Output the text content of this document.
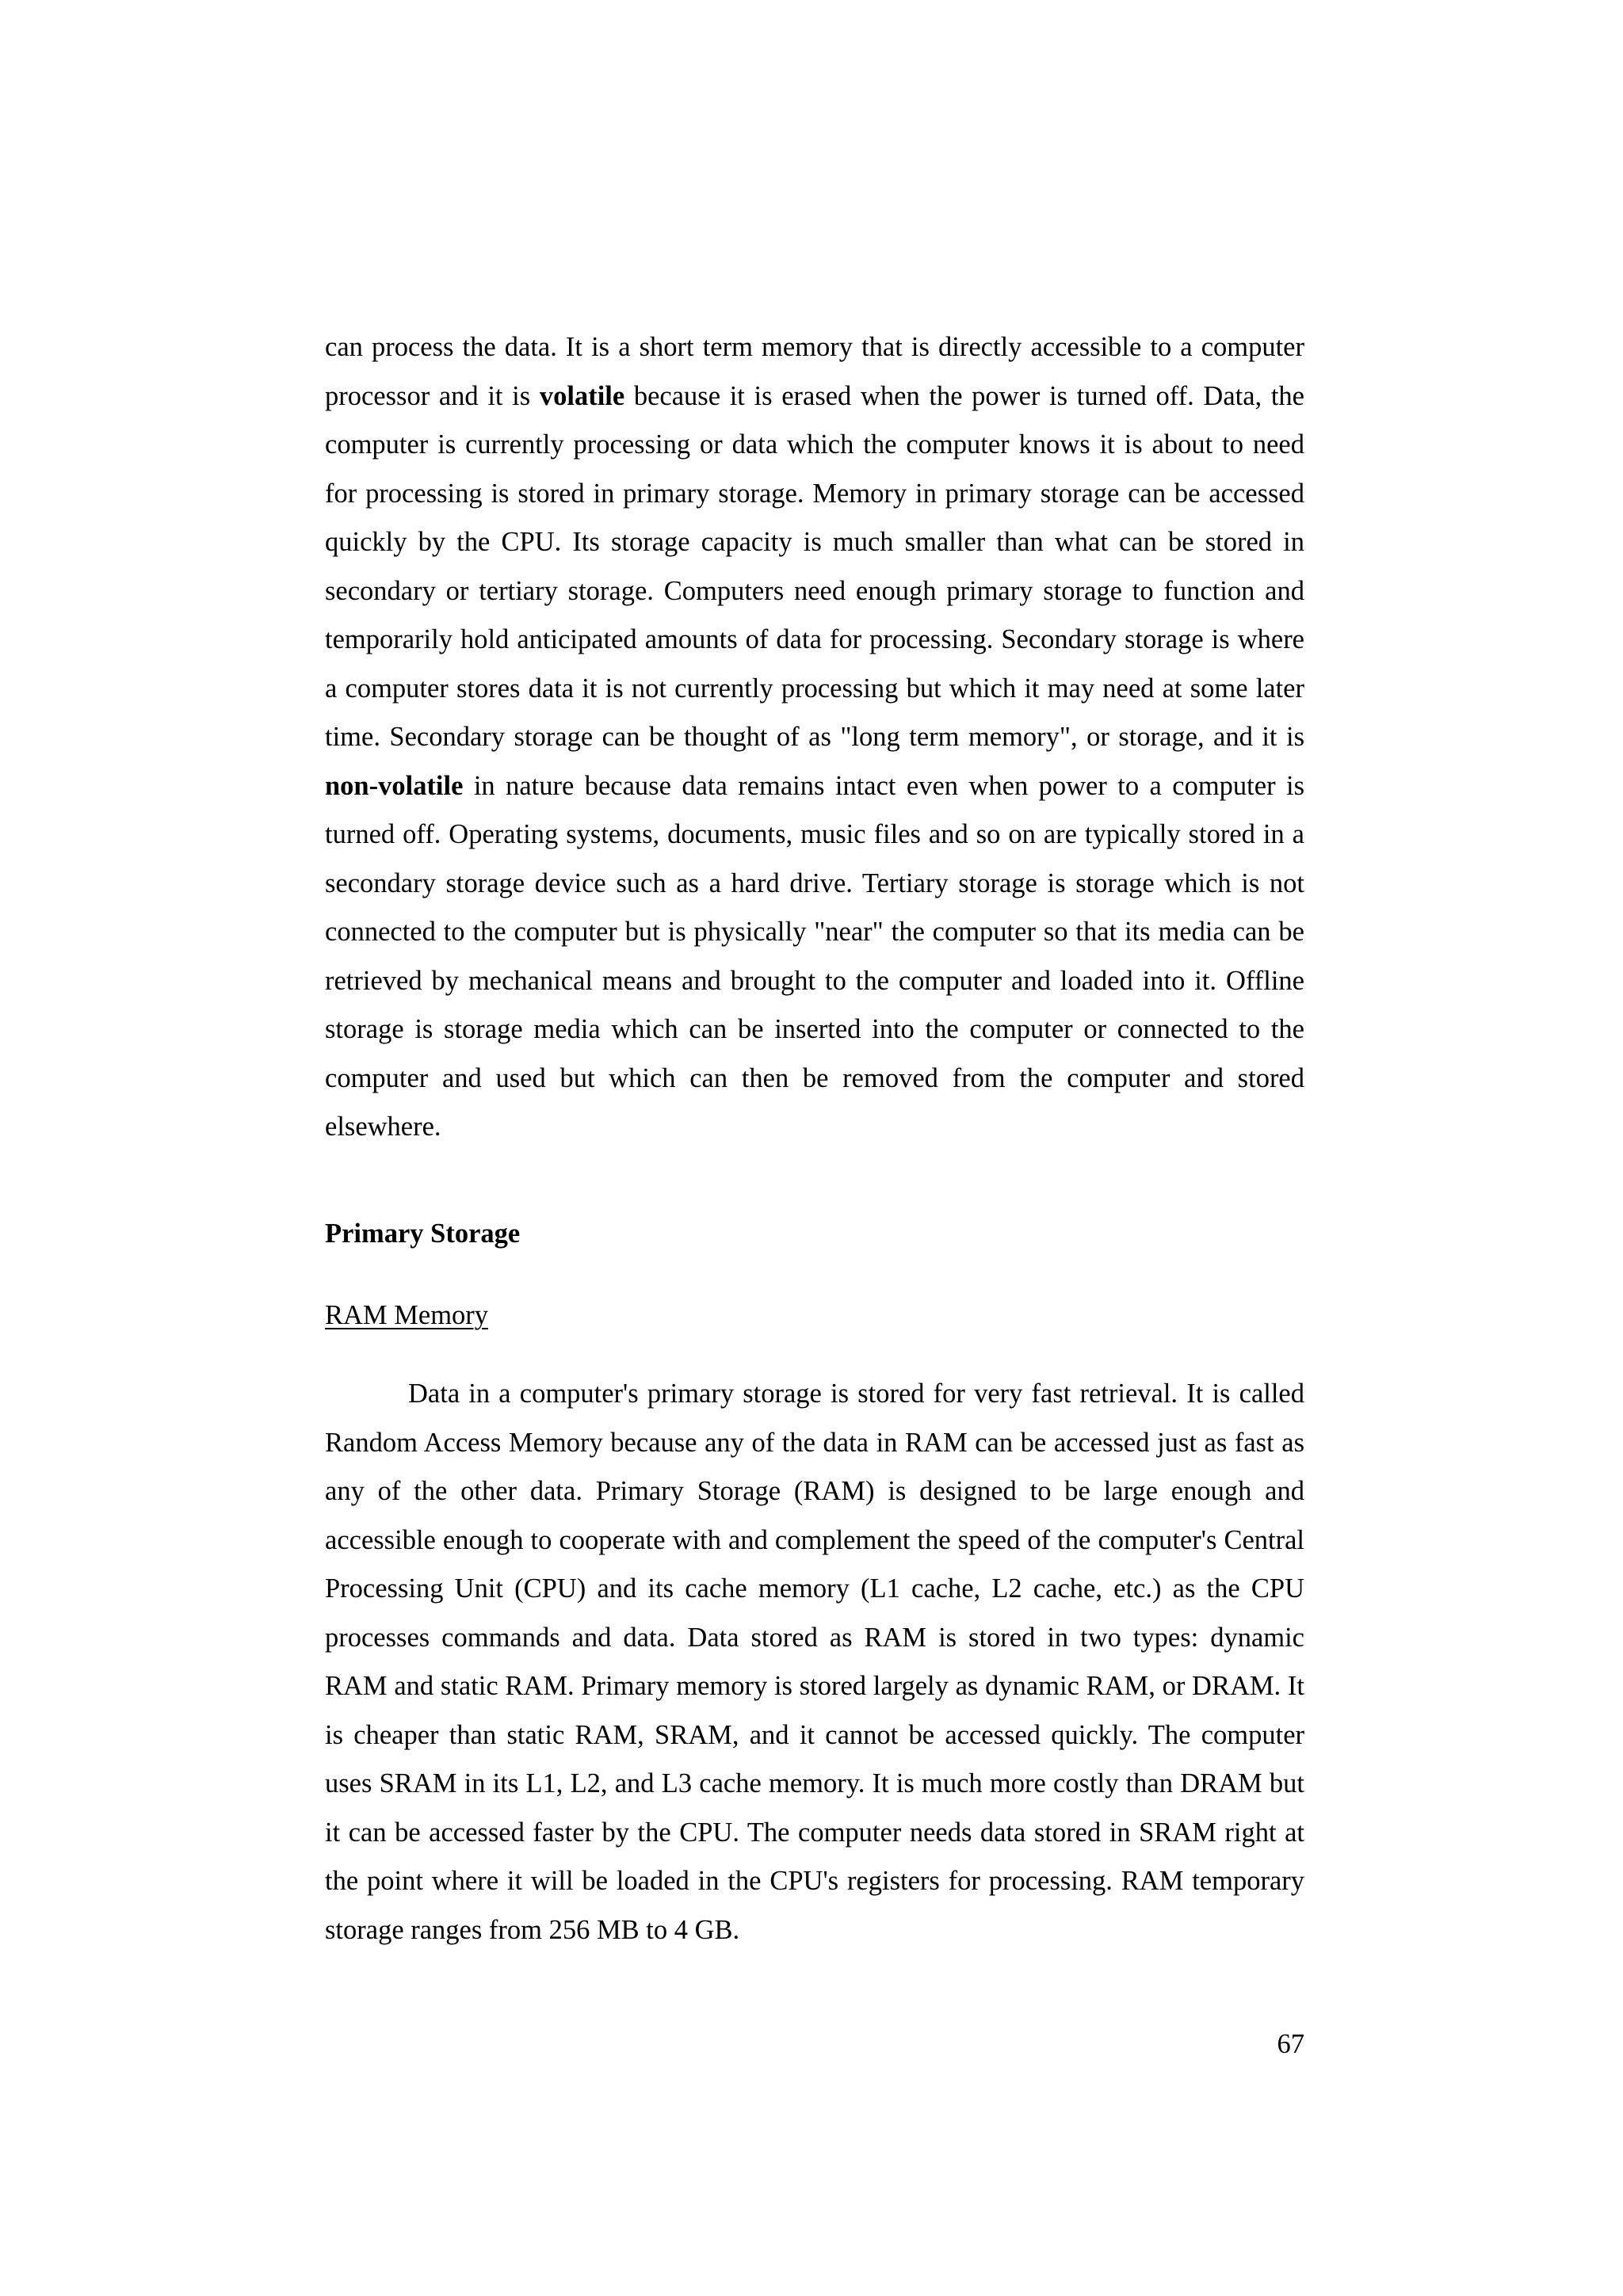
can process the data. It is a short term memory that is directly accessible to a computer processor and it is volatile because it is erased when the power is turned off. Data, the computer is currently processing or data which the computer knows it is about to need for processing is stored in primary storage. Memory in primary storage can be accessed quickly by the CPU. Its storage capacity is much smaller than what can be stored in secondary or tertiary storage. Computers need enough primary storage to function and temporarily hold anticipated amounts of data for processing. Secondary storage is where a computer stores data it is not currently processing but which it may need at some later time. Secondary storage can be thought of as "long term memory", or storage, and it is non-volatile in nature because data remains intact even when power to a computer is turned off. Operating systems, documents, music files and so on are typically stored in a secondary storage device such as a hard drive. Tertiary storage is storage which is not connected to the computer but is physically "near" the computer so that its media can be retrieved by mechanical means and brought to the computer and loaded into it. Offline storage is storage media which can be inserted into the computer or connected to the computer and used but which can then be removed from the computer and stored elsewhere.

Primary Storage
RAM Memory

Data in a computer's primary storage is stored for very fast retrieval. It is called Random Access Memory because any of the data in RAM can be accessed just as fast as any of the other data. Primary Storage (RAM) is designed to be large enough and accessible enough to cooperate with and complement the speed of the computer's Central Processing Unit (CPU) and its cache memory (L1 cache, L2 cache, etc.) as the CPU processes commands and data. Data stored as RAM is stored in two types: dynamic RAM and static RAM. Primary memory is stored largely as dynamic RAM, or DRAM. It is cheaper than static RAM, SRAM, and it cannot be accessed quickly. The computer uses SRAM in its L1, L2, and L3 cache memory. It is much more costly than DRAM but it can be accessed faster by the CPU. The computer needs data stored in SRAM right at the point where it will be loaded in the CPU's registers for processing. RAM temporary storage ranges from 256 MB to 4 GB.

67
